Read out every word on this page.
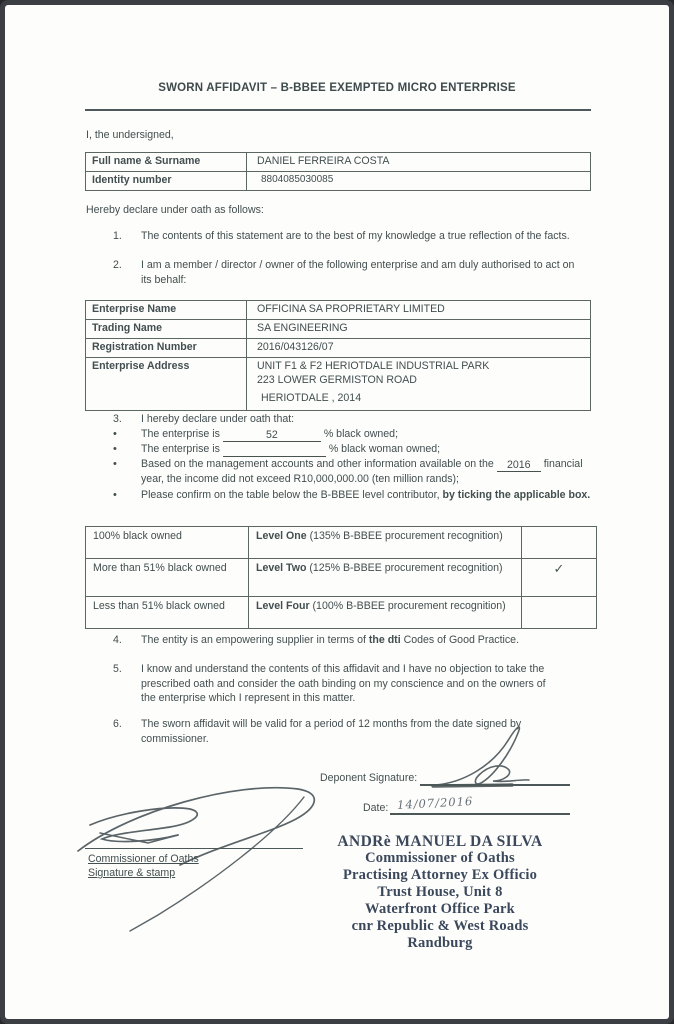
SWORN AFFIDAVIT – B-BBEE EXEMPTED MICRO ENTERPRISE
I, the undersigned,
Full name & Surname	DANIEL FERREIRA COSTA
Identity number	8804085030085
Hereby declare under oath as follows:
1.	The contents of this statement are to the best of my knowledge a true reflection of the facts.
2.	I am a member / director / owner of the following enterprise and am duly authorised to act on its behalf:
Enterprise Name	OFFICINA SA PROPRIETARY LIMITED
Trading Name	SA ENGINEERING
Registration Number	2016/043126/07
Enterprise Address	UNIT F1 & F2 HERIOTDALE INDUSTRIAL PARK
223 LOWER GERMISTON ROAD
HERIOTDALE , 2014
3.	I hereby declare under oath that:
•	The enterprise is	52	% black owned;
•	The enterprise is	% black woman owned;
•	Based on the management accounts and other information available on the 2016 financial year, the income did not exceed R10,000,000.00 (ten million rands);
•	Please confirm on the table below the B-BBEE level contributor, by ticking the applicable box.
100% black owned	Level One (135% B-BBEE procurement recognition)	
More than 51% black owned	Level Two (125% B-BBEE procurement recognition)	✓
Less than 51% black owned	Level Four (100% B-BBEE procurement recognition)	
4.	The entity is an empowering supplier in terms of the dti Codes of Good Practice.
5.	I know and understand the contents of this affidavit and I have no objection to take the prescribed oath and consider the oath binding on my conscience and on the owners of the enterprise which I represent in this matter.
6.	The sworn affidavit will be valid for a period of 12 months from the date signed by commissioner.
Deponent Signature:
Date: 14/07/2016
Commissioner of Oaths
Signature & stamp
ANDRè MANUEL DA SILVA
Commissioner of Oaths
Practising Attorney Ex Officio
Trust House, Unit 8
Waterfront Office Park
cnr Republic & West Roads
Randburg
